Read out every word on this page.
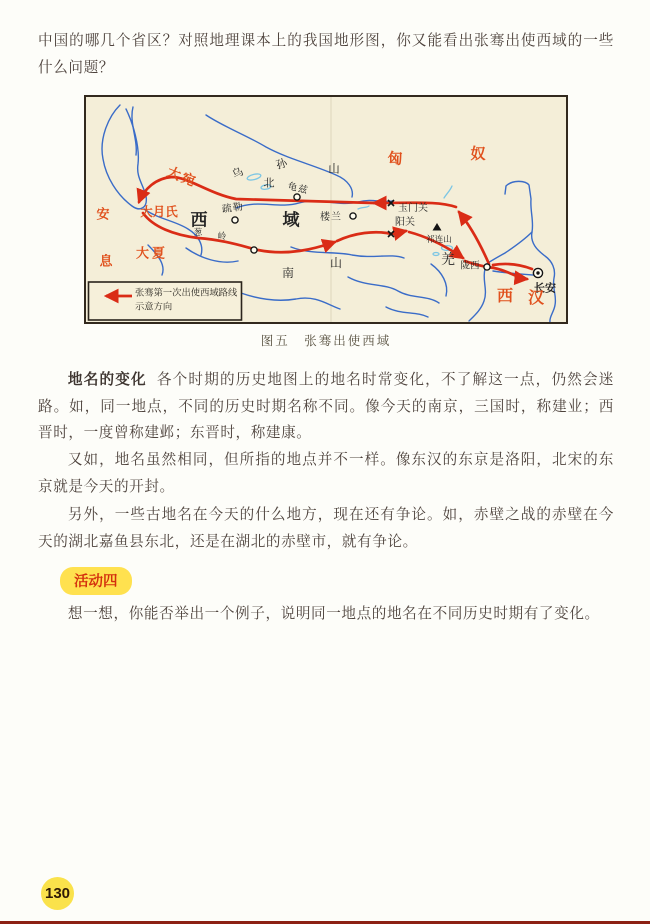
中国的哪几个省区？对照地理课本上的我国地形图，你又能看出张骞出使西域的一些什么问题？

匈	奴
大宛	乌
孙
北
山
龟兹
疏勒
西	域
葱 岭
楼兰
玉门关
阳关
祁连山
羌 陇西
长安
西 汉
安
息
大月氏
大夏
南
山
张骞第一次出使西域路线
示意方向
图五　张骞出使西域

地名的变化 各个时期的历史地图上的地名时常变化，不了解这一点，仍然会迷路。如，同一地点，不同的历史时期名称不同。像今天的南京，三国时，称建业；西晋时，一度曾称建邺；东晋时，称建康。

又如，地名虽然相同，但所指的地点并不一样。像东汉的东京是洛阳，北宋的东京就是今天的开封。

另外，一些古地名在今天的什么地方，现在还有争论。如，赤壁之战的赤壁在今天的湖北嘉鱼县东北，还是在湖北的赤壁市，就有争论。

活动四

想一想，你能否举出一个例子，说明同一地点的地名在不同历史时期有了变化。

130
